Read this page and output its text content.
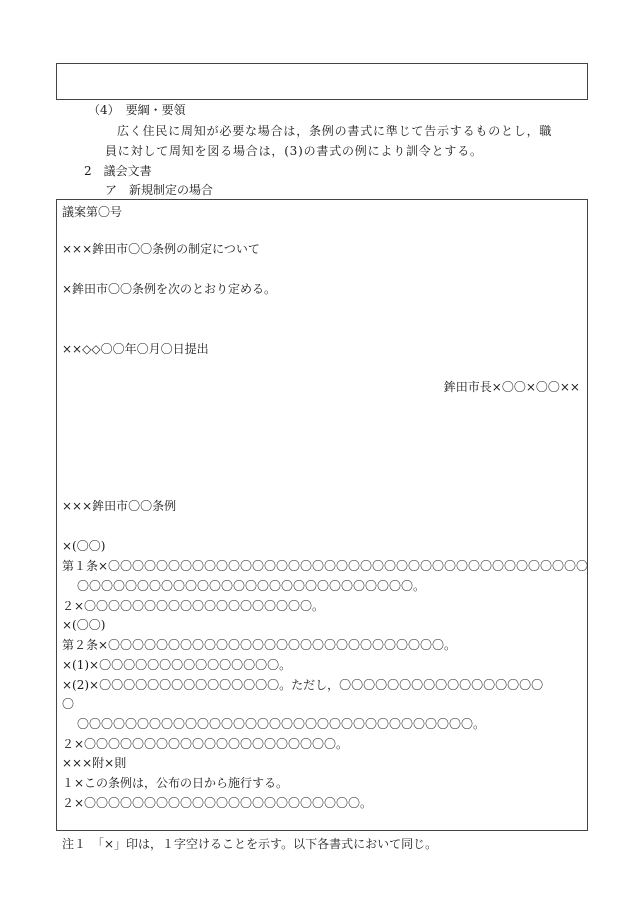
（4）　要綱・要領
広く住民に周知が必要な場合は，条例の書式に準じて告示するものとし，職
員に対して周知を図る場合は，(3)の書式の例により訓令とする。
2　議会文書
ア　新規制定の場合
議案第〇号
×××鉾田市〇〇条例の制定について
×鉾田市〇〇条例を次のとおり定める。
××◇◇〇〇年〇月〇日提出
鉾田市長×〇〇×〇〇××
×××鉾田市〇〇条例
×(〇〇)
第１条×〇〇〇〇〇〇〇〇〇〇〇〇〇〇〇〇〇〇〇〇〇〇〇〇〇〇〇〇〇〇〇〇〇〇〇〇〇〇〇〇
〇〇〇〇〇〇〇〇〇〇〇〇〇〇〇〇〇〇〇〇〇〇〇〇〇〇〇〇。
２×〇〇〇〇〇〇〇〇〇〇〇〇〇〇〇〇〇〇〇。
×(〇〇)
第２条×〇〇〇〇〇〇〇〇〇〇〇〇〇〇〇〇〇〇〇〇〇〇〇〇〇〇〇〇。
×(1)×〇〇〇〇〇〇〇〇〇〇〇〇〇〇〇。
×(2)×〇〇〇〇〇〇〇〇〇〇〇〇〇〇〇。ただし，〇〇〇〇〇〇〇〇〇〇〇〇〇〇〇〇〇
〇
〇〇〇〇〇〇〇〇〇〇〇〇〇〇〇〇〇〇〇〇〇〇〇〇〇〇〇〇〇〇〇〇〇。
２×〇〇〇〇〇〇〇〇〇〇〇〇〇〇〇〇〇〇〇〇〇。
×××附×則
１×この条例は，公布の日から施行する。
２×〇〇〇〇〇〇〇〇〇〇〇〇〇〇〇〇〇〇〇〇〇〇〇。
注１　「×」印は，１字空けることを示す。以下各書式において同じ。
